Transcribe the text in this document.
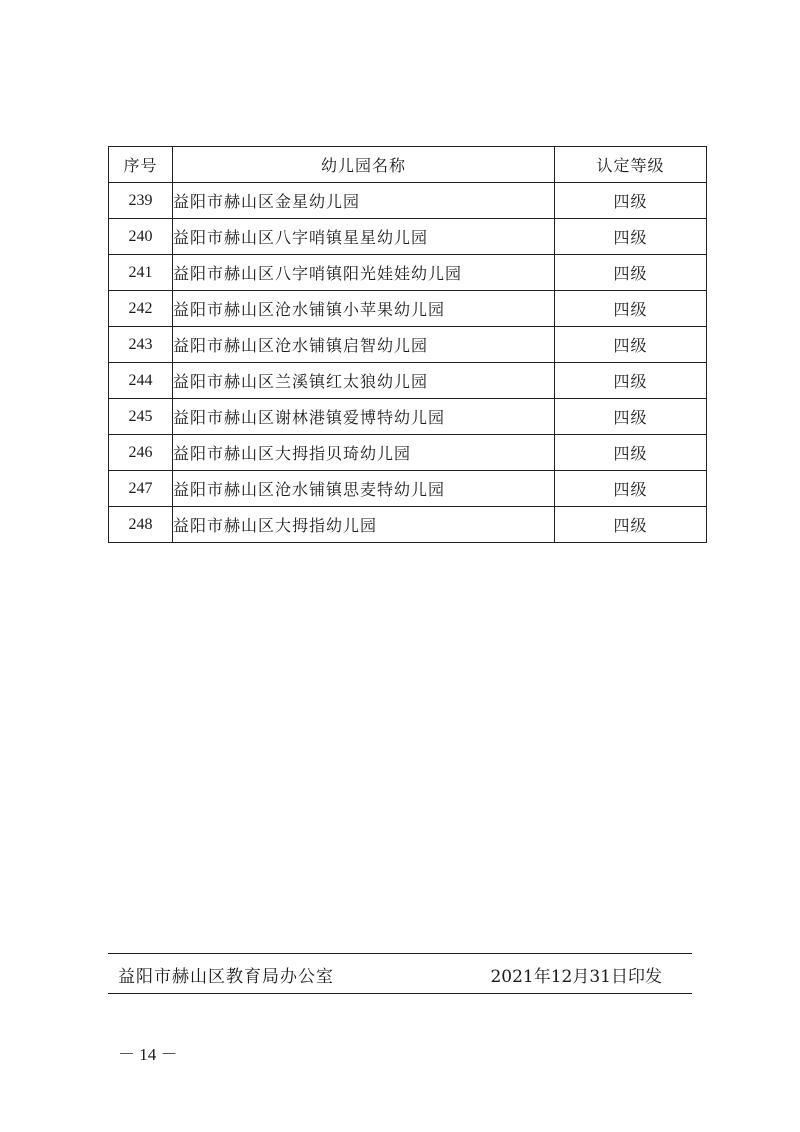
序号	幼儿园名称	认定等级
239	益阳市赫山区金星幼儿园	四级
240	益阳市赫山区八字哨镇星星幼儿园	四级
241	益阳市赫山区八字哨镇阳光娃娃幼儿园	四级
242	益阳市赫山区沧水铺镇小苹果幼儿园	四级
243	益阳市赫山区沧水铺镇启智幼儿园	四级
244	益阳市赫山区兰溪镇红太狼幼儿园	四级
245	益阳市赫山区谢林港镇爱博特幼儿园	四级
246	益阳市赫山区大拇指贝琦幼儿园	四级
247	益阳市赫山区沧水铺镇思麦特幼儿园	四级
248	益阳市赫山区大拇指幼儿园	四级
益阳市赫山区教育局办公室	2021年12月31日印发
－ 14 －
